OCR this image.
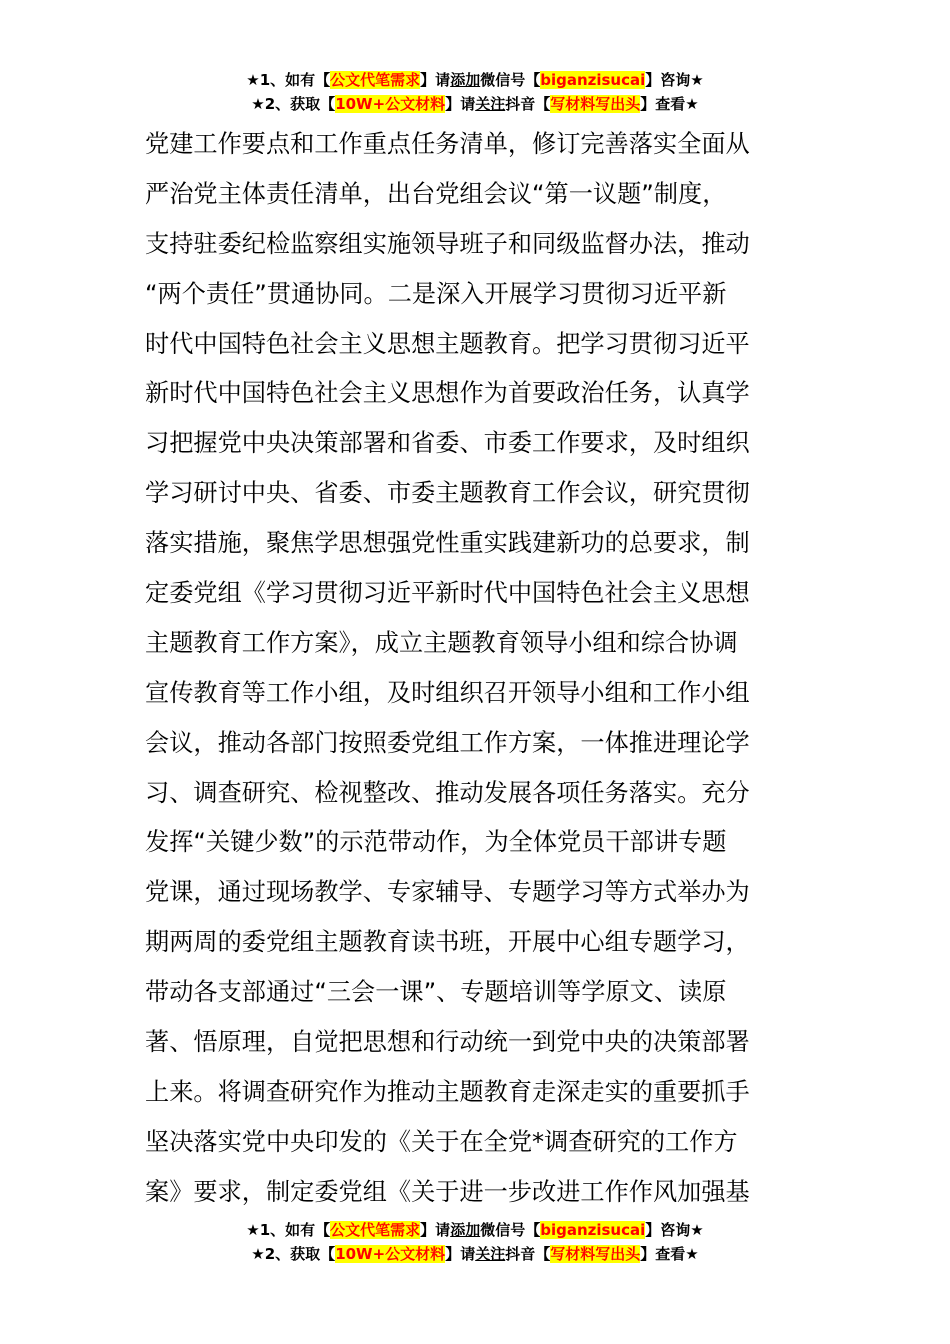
★1、如有【公文代笔需求】请添加微信号【biganzisucai】咨询★
★2、获取【10W+公文材料】请关注抖音【写材料写出头】查看★
党建工作要点和工作重点任务清单，修订完善落实全面从
严治党主体责任清单，出台党组会议“第一议题”制度，
支持驻委纪检监察组实施领导班子和同级监督办法，推动
“两个责任”贯通协同。二是深入开展学习贯彻习近平新
时代中国特色社会主义思想主题教育。把学习贯彻习近平
新时代中国特色社会主义思想作为首要政治任务，认真学
习把握党中央决策部署和省委、市委工作要求，及时组织
学习研讨中央、省委、市委主题教育工作会议，研究贯彻
落实措施，聚焦学思想强党性重实践建新功的总要求，制
定委党组《学习贯彻习近平新时代中国特色社会主义思想
主题教育工作方案》，成立主题教育领导小组和综合协调
宣传教育等工作小组，及时组织召开领导小组和工作小组
会议，推动各部门按照委党组工作方案，一体推进理论学
习、调查研究、检视整改、推动发展各项任务落实。充分
发挥“关键少数”的示范带动作，为全体党员干部讲专题
党课，通过现场教学、专家辅导、专题学习等方式举办为
期两周的委党组主题教育读书班，开展中心组专题学习，
带动各支部通过“三会一课”、专题培训等学原文、读原
著、悟原理，自觉把思想和行动统一到党中央的决策部署
上来。将调查研究作为推动主题教育走深走实的重要抓手
坚决落实党中央印发的《关于在全党*调查研究的工作方
案》要求，制定委党组《关于进一步改进工作作风加强基
★1、如有【公文代笔需求】请添加微信号【biganzisucai】咨询★
★2、获取【10W+公文材料】请关注抖音【写材料写出头】查看★
